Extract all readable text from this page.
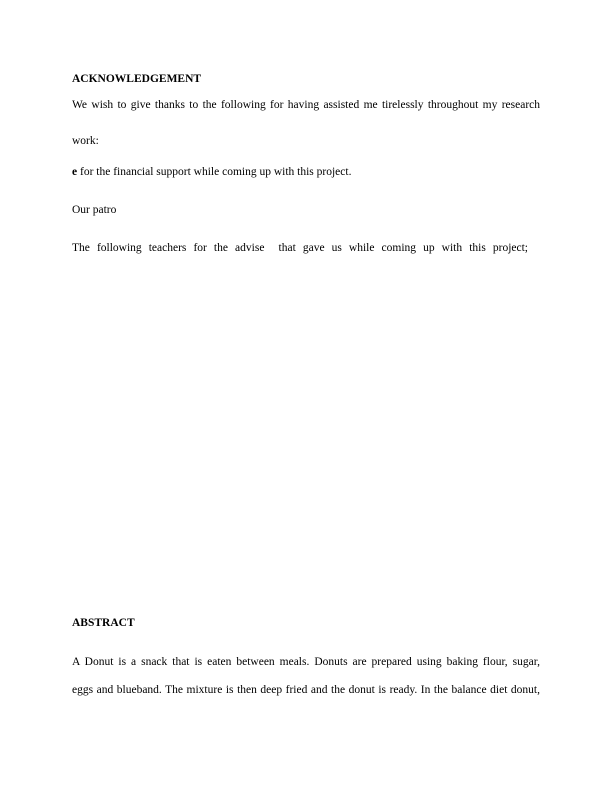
ACKNOWLEDGEMENT
We wish to give thanks to the following for having assisted me tirelessly throughout my research
work:
e for the financial support while coming up with this project.
Our patro
The following teachers for the advise  that gave us while coming up with this project;
ABSTRACT
A Donut is a snack that is eaten between meals. Donuts are prepared using baking flour, sugar,
eggs and blueband. The mixture is then deep fried and the donut is ready. In the balance diet donut,
